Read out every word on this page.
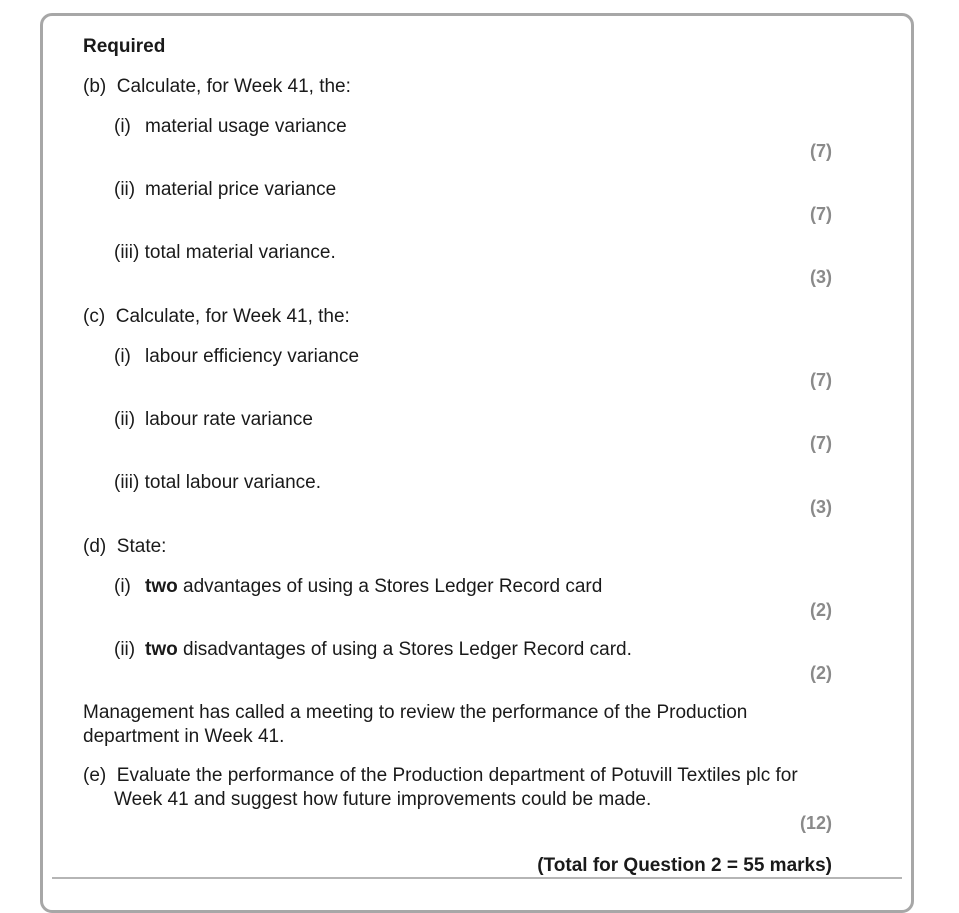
Required
(b) Calculate, for Week 41, the:
(i) material usage variance
(7)
(ii) material price variance
(7)
(iii) total material variance.
(3)
(c) Calculate, for Week 41, the:
(i) labour efficiency variance
(7)
(ii) labour rate variance
(7)
(iii) total labour variance.
(3)
(d) State:
(i) two advantages of using a Stores Ledger Record card
(2)
(ii) two disadvantages of using a Stores Ledger Record card.
(2)
Management has called a meeting to review the performance of the Production
department in Week 41.
(e) Evaluate the performance of the Production department of Potuvill Textiles plc for
Week 41 and suggest how future improvements could be made.
(12)
(Total for Question 2 = 55 marks)
